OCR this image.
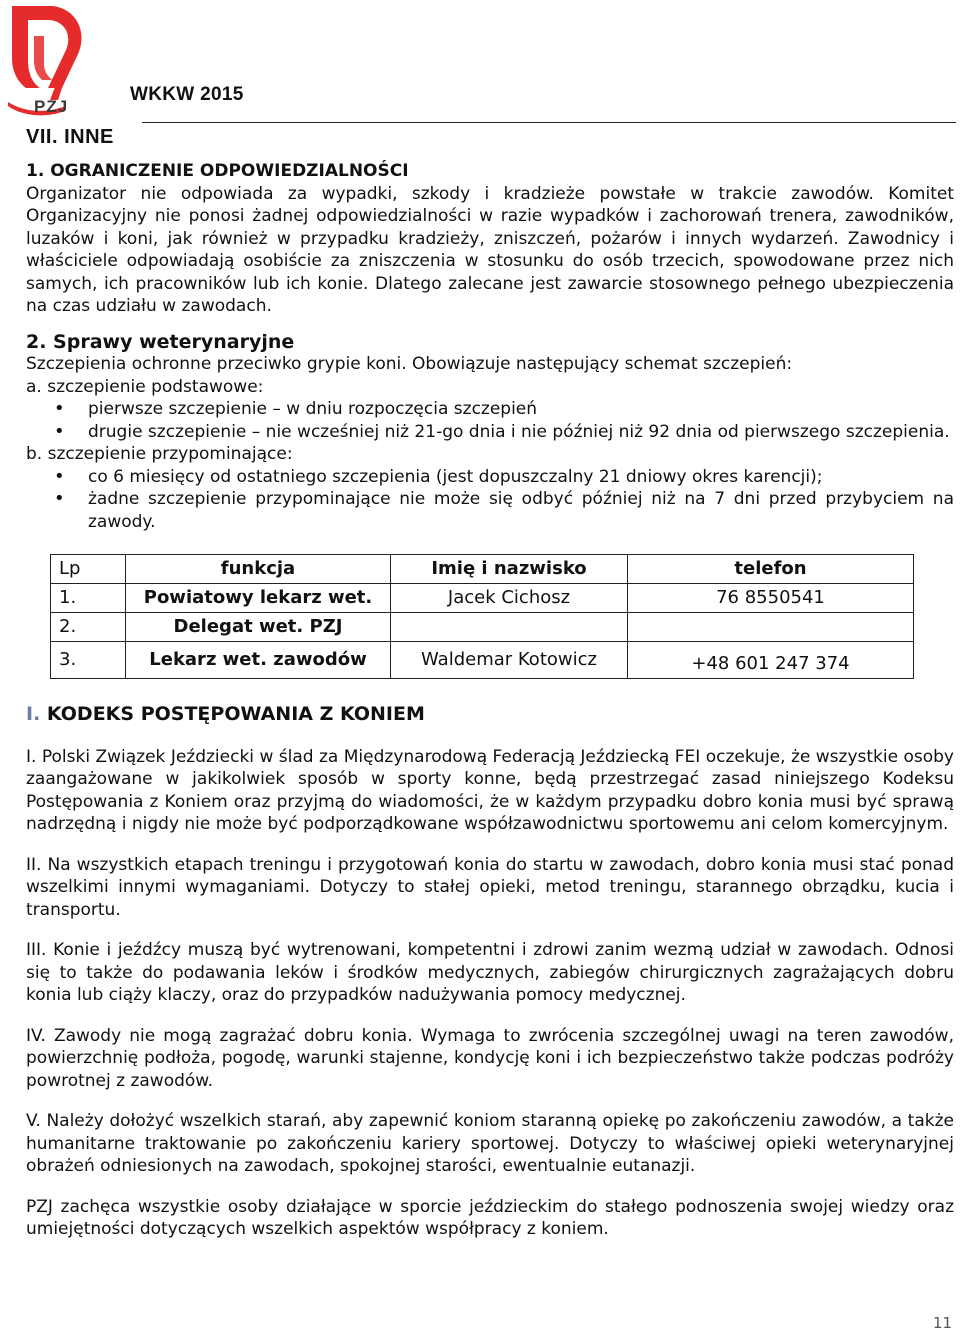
PZJ
WKKW 2015
VII. INNE

1. OGRANICZENIE ODPOWIEDZIALNOŚCI

Organizator nie odpowiada za wypadki, szkody i kradzieże powstałe w trakcie zawodów. Komitet Organizacyjny nie ponosi żadnej odpowiedzialności w razie wypadków i zachorowań trenera, zawodników, luzaków i koni, jak również w przypadku kradzieży, zniszczeń, pożarów i innych wydarzeń. Zawodnicy i właściciele odpowiadają osobiście za zniszczenia w stosunku do osób trzecich, spowodowane przez nich samych, ich pracowników lub ich konie. Dlatego zalecane jest zawarcie stosownego pełnego ubezpieczenia na czas udziału w zawodach.

2. Sprawy weterynaryjne

Szczepienia ochronne przeciwko grypie koni. Obowiązuje następujący schemat szczepień:

a. szczepienie podstawowe:

• pierwsze szczepienie – w dniu rozpoczęcia szczepień
• drugie szczepienie – nie wcześniej niż 21-go dnia i nie później niż 92 dnia od pierwszego szczepienia.

b. szczepienie przypominające:

• co 6 miesięcy od ostatniego szczepienia (jest dopuszczalny 21 dniowy okres karencji);
• żadne szczepienie przypominające nie może się odbyć później niż na 7 dni przed przybyciem na zawody.
Lp	funkcja	Imię i nazwisko	telefon
1.	Powiatowy lekarz wet.	Jacek Cichosz	76 8550541
2.	Delegat wet. PZJ		
3.	Lekarz wet. zawodów	Waldemar Kotowicz	+48 601 247 374

I. KODEKS POSTĘPOWANIA Z KONIEM

I. Polski Związek Jeździecki w ślad za Międzynarodową Federacją Jeździecką FEI oczekuje, że wszystkie osoby zaangażowane w jakikolwiek sposób w sporty konne, będą przestrzegać zasad niniejszego Kodeksu Postępowania z Koniem oraz przyjmą do wiadomości, że w każdym przypadku dobro konia musi być sprawą nadrzędną i nigdy nie może być podporządkowane współzawodnictwu sportowemu ani celom komercyjnym.

II. Na wszystkich etapach treningu i przygotowań konia do startu w zawodach, dobro konia musi stać ponad wszelkimi innymi wymaganiami. Dotyczy to stałej opieki, metod treningu, starannego obrządku, kucia i transportu.

III. Konie i jeźdźcy muszą być wytrenowani, kompetentni i zdrowi zanim wezmą udział w zawodach. Odnosi się to także do podawania leków i środków medycznych, zabiegów chirurgicznych zagrażających dobru konia lub ciąży klaczy, oraz do przypadków nadużywania pomocy medycznej.

IV. Zawody nie mogą zagrażać dobru konia. Wymaga to zwrócenia szczególnej uwagi na teren zawodów, powierzchnię podłoża, pogodę, warunki stajenne, kondycję koni i ich bezpieczeństwo także podczas podróży powrotnej z zawodów.

V. Należy dołożyć wszelkich starań, aby zapewnić koniom staranną opiekę po zakończeniu zawodów, a także humanitarne traktowanie po zakończeniu kariery sportowej. Dotyczy to właściwej opieki weterynaryjnej obrażeń odniesionych na zawodach, spokojnej starości, ewentualnie eutanazji.

PZJ zachęca wszystkie osoby działające w sporcie jeździeckim do stałego podnoszenia swojej wiedzy oraz umiejętności dotyczących wszelkich aspektów współpracy z koniem.

11
